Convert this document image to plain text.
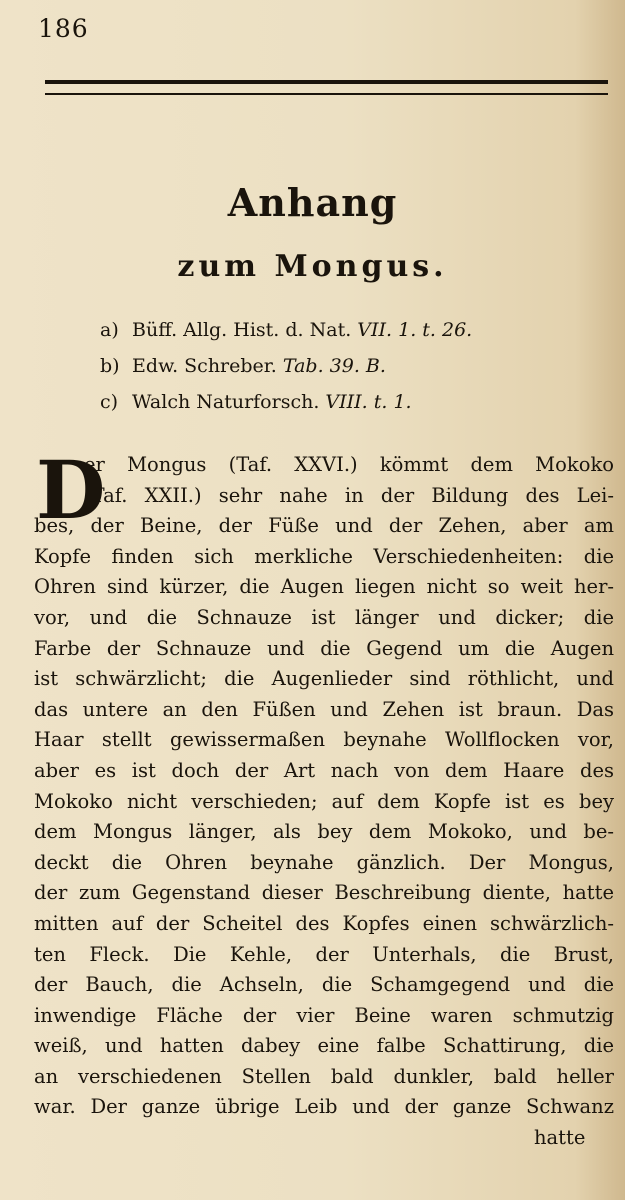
186
Anhang
zum Mongus.
a) Büff. Allg. Hist. d. Nat. VII. 1. t. 26.
b) Edw. Schreber. Tab. 39. B.
c) Walch Naturforsch. VIII. t. 1.
D
er Mongus (Taf. XXVI.) kömmt dem Mokoko
(Taf. XXII.) sehr nahe in der Bildung des Lei-
bes, der Beine, der Füße und der Zehen, aber am
Kopfe finden sich merkliche Verschiedenheiten: die
Ohren sind kürzer, die Augen liegen nicht so weit her-
vor, und die Schnauze ist länger und dicker; die
Farbe der Schnauze und die Gegend um die Augen
ist schwärzlicht; die Augenlieder sind röthlicht, und
das untere an den Füßen und Zehen ist braun. Das
Haar stellt gewissermaßen beynahe Wollflocken vor,
aber es ist doch der Art nach von dem Haare des
Mokoko nicht verschieden; auf dem Kopfe ist es bey
dem Mongus länger, als bey dem Mokoko, und be-
deckt die Ohren beynahe gänzlich. Der Mongus,
der zum Gegenstand dieser Beschreibung diente, hatte
mitten auf der Scheitel des Kopfes einen schwärzlich-
ten Fleck. Die Kehle, der Unterhals, die Brust,
der Bauch, die Achseln, die Schamgegend und die
inwendige Fläche der vier Beine waren schmutzig
weiß, und hatten dabey eine falbe Schattirung, die
an verschiedenen Stellen bald dunkler, bald heller
war. Der ganze übrige Leib und der ganze Schwanz
hatte
